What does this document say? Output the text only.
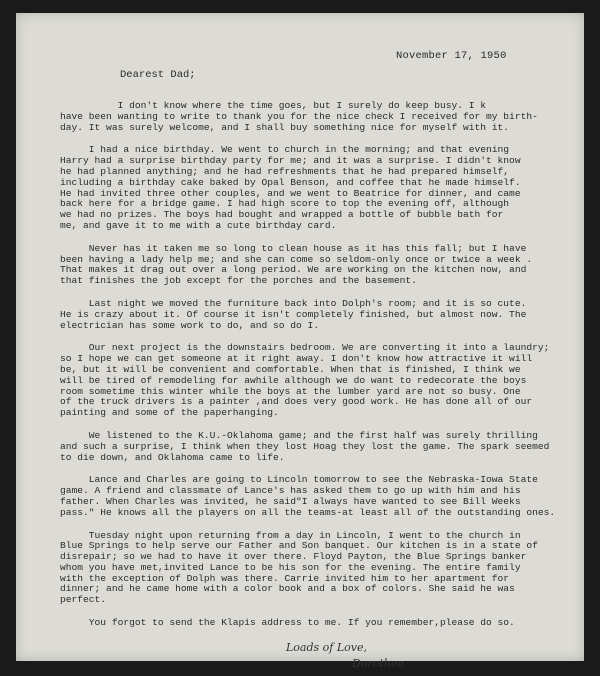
November 17, 1950
Dearest Dad;
I don't know where the time goes, but I surely do keep busy. I k
have been wanting to write to thank you for the nice check I received for my birth-
day. It was surely welcome, and I shall buy something nice for myself with it.
I had a nice birthday. We went to church in the morning; and that evening
Harry had a surprise birthday party for me; and it was a surprise. I didn't know
he had planned anything; and he had refreshments that he had prepared himself,
including a birthday cake baked by Opal Benson, and coffee that he made himself.
He had invited three other couples, and we went to Beatrice for dinner, and came
back here for a bridge game. I had high score to top the evening off, although
we had no prizes. The boys had bought and wrapped a bottle of bubble bath for
me, and gave it to me with a cute birthday card.
Never has it taken me so long to clean house as it has this fall; but I have
been having a lady help me; and she can come so seldom-only once or twice a week .
That makes it drag out over a long period. We are working on the kitchen now, and
that finishes the job except for the porches and the basement.
Last night we moved the furniture back into Dolph's room; and it is so cute.
He is crazy about it. Of course it isn't completely finished, but almost now. The
electrician has some work to do, and so do I.
Our next project is the downstairs bedroom. We are converting it into a laundry;
so I hope we can get someone at it right away. I don't know how attractive it will
be, but it will be convenient and comfortable. When that is finished, I think we
will be tired of remodeling for awhile although we do want to redecorate the boys
room sometime this winter while the boys at the lumber yard are not so busy. One
of the truck drivers is a painter ,and does very good work. He has done all of our
painting and some of the paperhanging.
We listened to the K.U.-Oklahoma game; and the first half was surely thrilling
and such a surprise, I think when they lost Hoag they lost the game. The spark seemed
to die down, and Oklahoma came to life.
Lance and Charles are going to Lincoln tomorrow to see the Nebraska-Iowa State
game. A friend and classmate of Lance's has asked them to go up with him and his
father. When Charles was invited, he said"I always have wanted to see Bill Weeks
pass." He knows all the players on all the teams-at least all of the outstanding ones.
Tuesday night upon returning from a day in Lincoln, I went to the church in
Blue Springs to help serve our Father and Son banquet. Our kitchen is in a state of
disrepair; so we had to have it over there. Floyd Payton, the Blue Springs banker
whom you have met,invited Lance to be his son for the evening. The entire family
with the exception of Dolph was there. Carrie invited him to her apartment for
dinner; and he came home with a color book and a box of colors. She said he was
perfect.
You forgot to send the Klapis address to me. If you remember,please do so.
Loads of Love,
Dorothea
